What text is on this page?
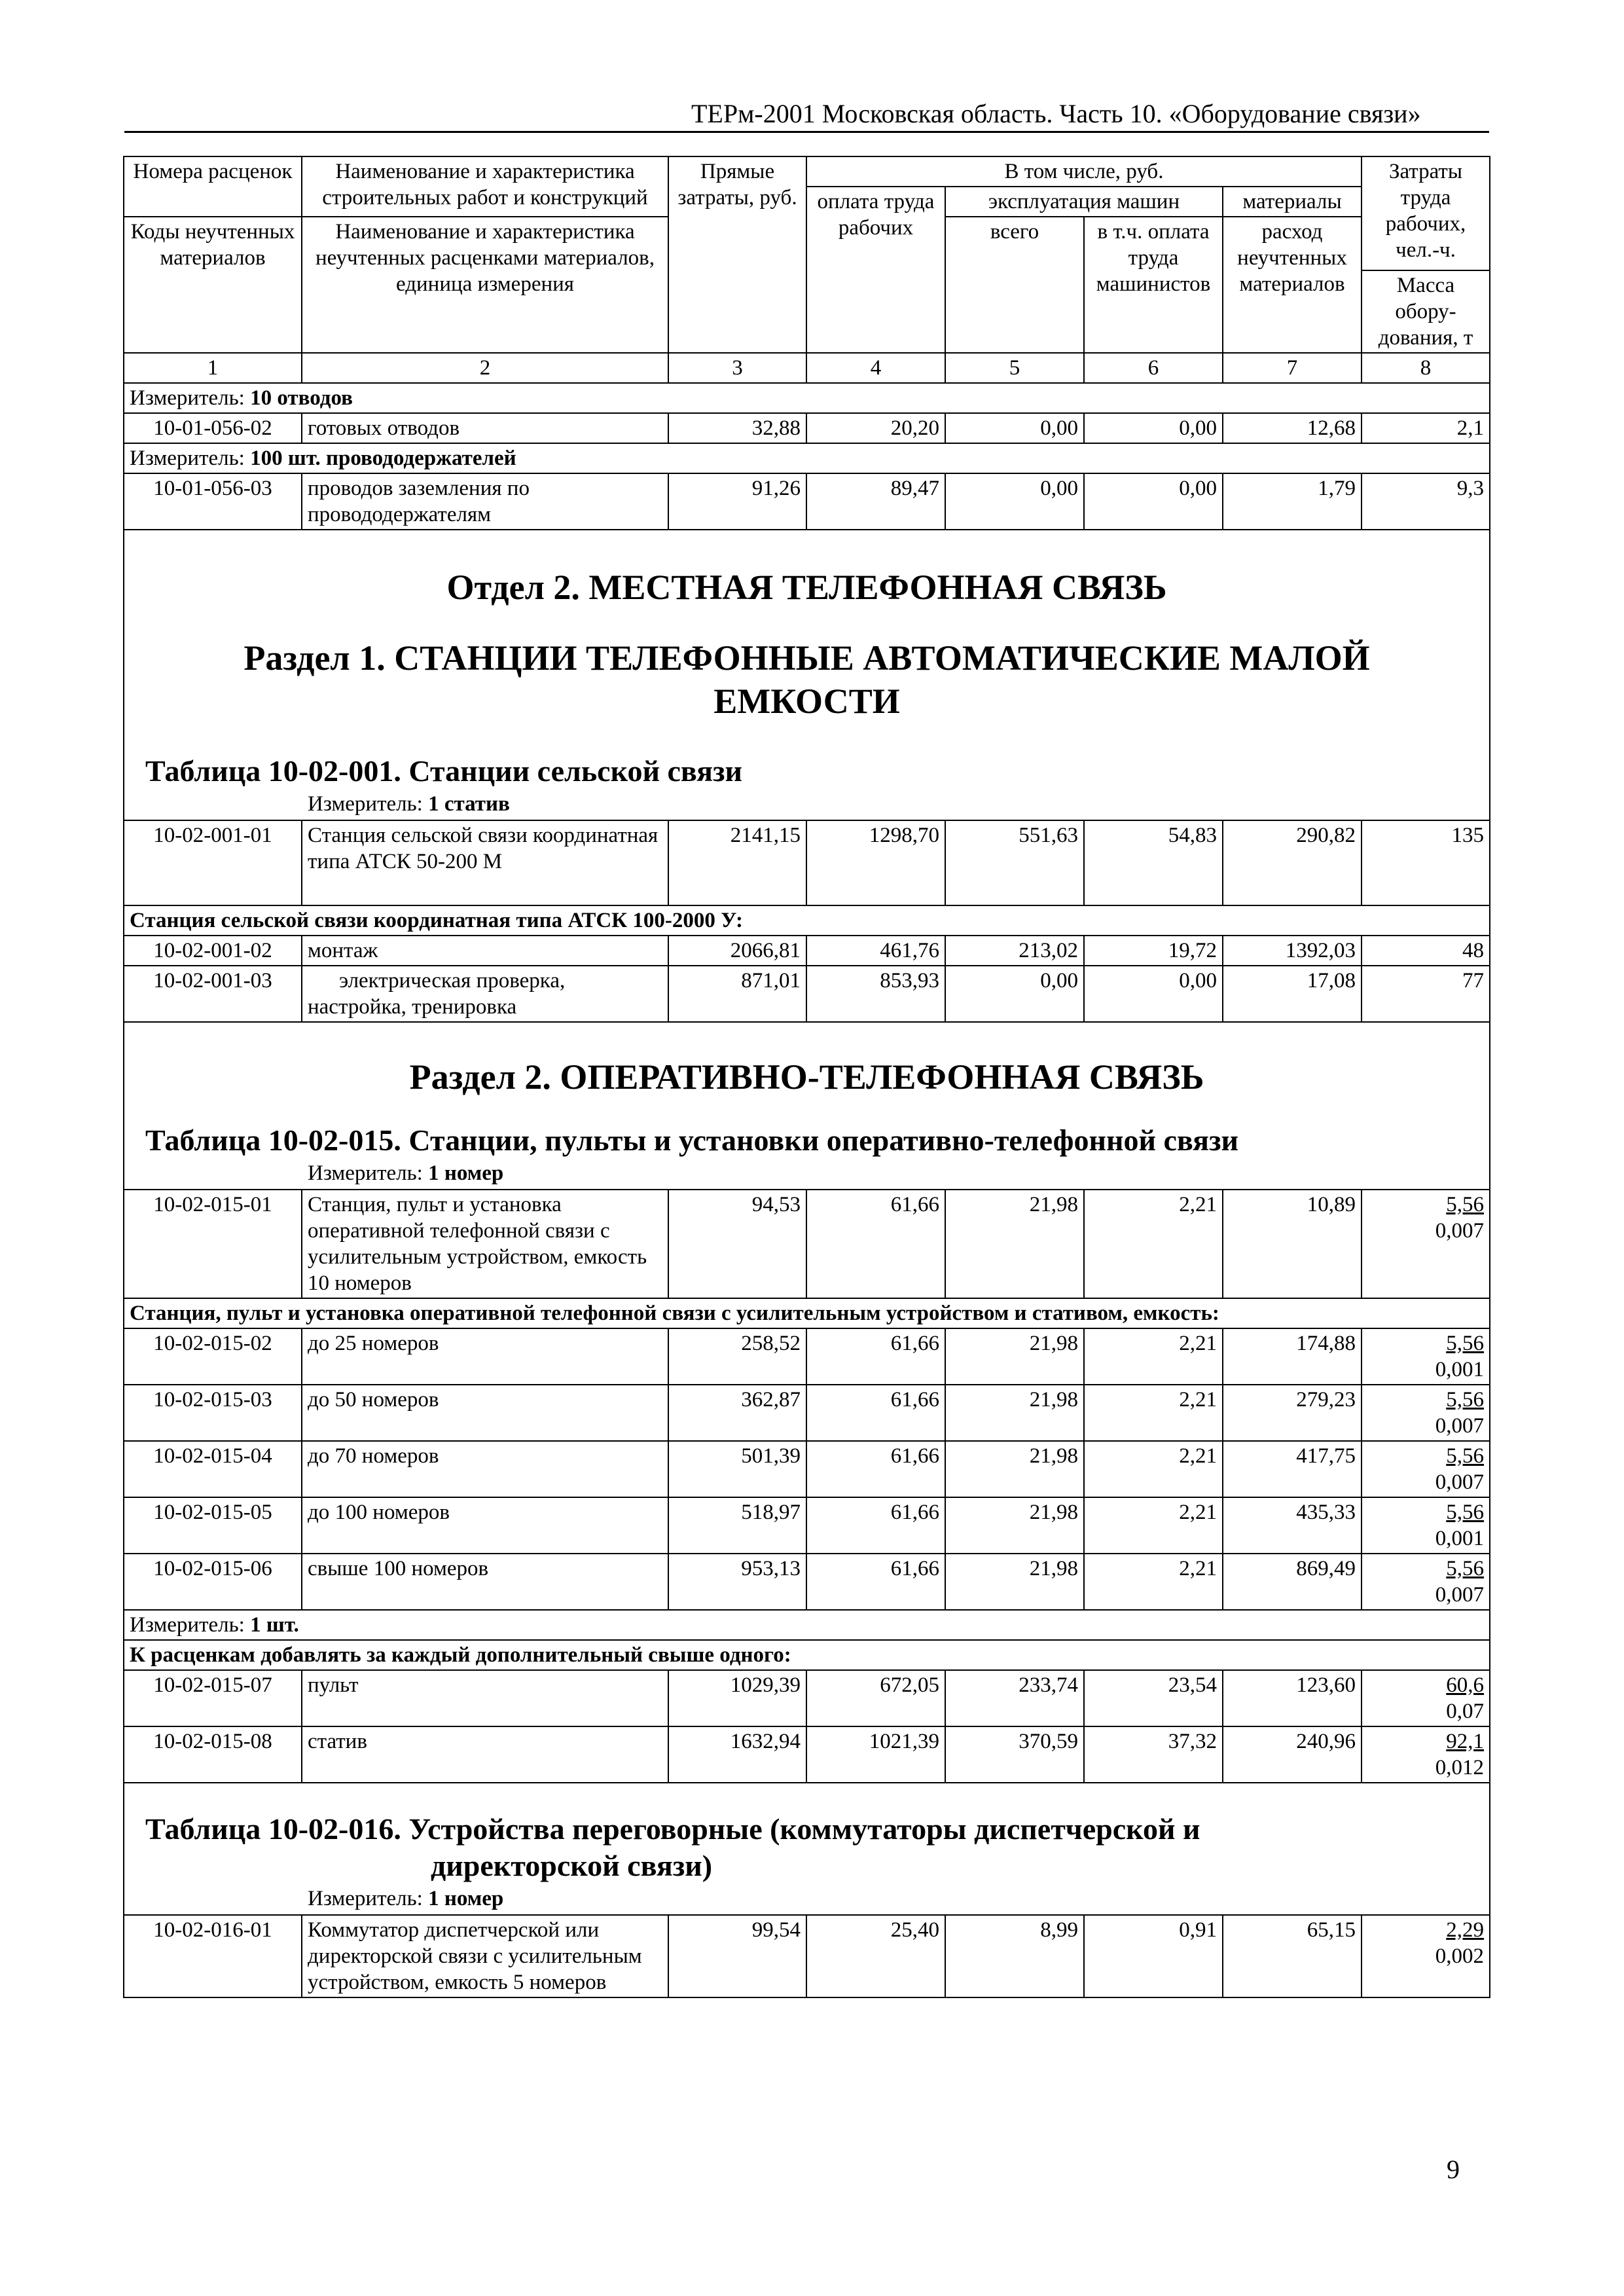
ТЕРм-2001 Московская область. Часть 10. «Оборудование связи»
Номера расценок	Наименование и характеристика строительных работ и конструкций	Прямые затраты, руб.	В том числе, руб.				Затраты труда рабочих, чел.-ч.
			оплата труда рабочих	эксплуатация машин		материалы	
Коды неучтенных материалов	Наименование и характеристика неучтенных расценками материалов, единица измерения			всего	в т.ч. оплата труда машинистов	расход неучтенных материалов	
							Масса обору-дования, т
1	2	3	4	5	6	7	8
Измеритель: 10 отводов							
10-01-056-02	готовых отводов	32,88	20,20	0,00	0,00	12,68	2,1
Измеритель: 100 шт. провододержателей							
10-01-056-03	проводов заземления по провододержателям	91,26	89,47	0,00	0,00	1,79	9,3

Отдел 2. МЕСТНАЯ ТЕЛЕФОННАЯ СВЯЗЬ
Раздел 1. СТАНЦИИ ТЕЛЕФОННЫЕ АВТОМАТИЧЕСКИЕ МАЛОЙ ЕМКОСТИ
Таблица 10-02-001. Станции сельской связи
Измеритель: 1 статив							

10-02-001-01	Станция сельской связи координатная типа АТСК 50-200 М	2141,15	1298,70	551,63	54,83	290,82	135
Станция сельской связи координатная типа АТСК 100-2000 У:							
10-02-001-02	монтаж	2066,81	461,76	213,02	19,72	1392,03	48
10-02-001-03	электрическая проверка, настройка, тренировка	871,01	853,93	0,00	0,00	17,08	77

Раздел 2. ОПЕРАТИВНО-ТЕЛЕФОННАЯ СВЯЗЬ
Таблица 10-02-015. Станции, пульты и установки оперативно-телефонной связи
Измеритель: 1 номер							

10-02-015-01	Станция, пульт и установка оперативной телефонной связи с усилительным устройством, емкость 10 номеров	94,53	61,66	21,98	2,21	10,89	5,56
0,007
Станция, пульт и установка оперативной телефонной связи с усилительным устройством и стативом, емкость:							
10-02-015-02	до 25 номеров	258,52	61,66	21,98	2,21	174,88	5,56
0,001
10-02-015-03	до 50 номеров	362,87	61,66	21,98	2,21	279,23	5,56
0,007
10-02-015-04	до 70 номеров	501,39	61,66	21,98	2,21	417,75	5,56
0,007
10-02-015-05	до 100 номеров	518,97	61,66	21,98	2,21	435,33	5,56
0,001
10-02-015-06	свыше 100 номеров	953,13	61,66	21,98	2,21	869,49	5,56
0,007
Измеритель: 1 шт.							
К расценкам добавлять за каждый дополнительный свыше одного:							
10-02-015-07	пульт	1029,39	672,05	233,74	23,54	123,60	60,6
0,07
10-02-015-08	статив	1632,94	1021,39	370,59	37,32	240,96	92,1
0,012

Таблица 10-02-016. Устройства переговорные (коммутаторы диспетчерской и
директорской связи)
Измеритель: 1 номер							

10-02-016-01	Коммутатор диспетчерской или директорской связи с усилительным устройством, емкость 5 номеров	99,54	25,40	8,99	0,91	65,15	2,29
0,002
9
